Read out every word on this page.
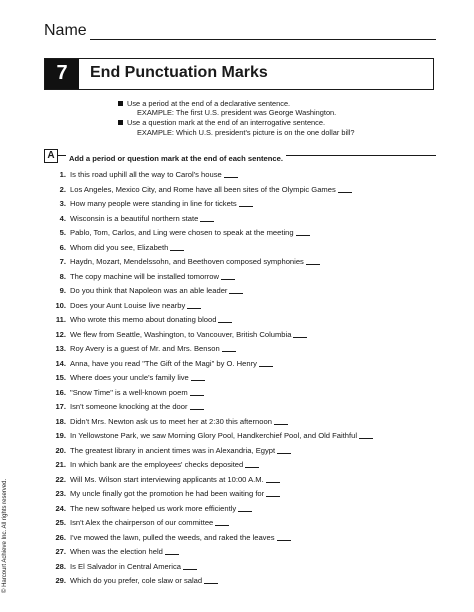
Name
7	End Punctuation Marks
Use a period at the end of a declarative sentence.
EXAMPLE: The first U.S. president was George Washington.
Use a question mark at the end of an interrogative sentence.
EXAMPLE: Which U.S. president's picture is on the one dollar bill?
A	Add a period or question mark at the end of each sentence.
1. Is this road uphill all the way to Carol's house
2. Los Angeles, Mexico City, and Rome have all been sites of the Olympic Games
3. How many people were standing in line for tickets
4. Wisconsin is a beautiful northern state
5. Pablo, Tom, Carlos, and Ling were chosen to speak at the meeting
6. Whom did you see, Elizabeth
7. Haydn, Mozart, Mendelssohn, and Beethoven composed symphonies
8. The copy machine will be installed tomorrow
9. Do you think that Napoleon was an able leader
10. Does your Aunt Louise live nearby
11. Who wrote this memo about donating blood
12. We flew from Seattle, Washington, to Vancouver, British Columbia
13. Roy Avery is a guest of Mr. and Mrs. Benson
14. Anna, have you read "The Gift of the Magi" by O. Henry
15. Where does your uncle's family live
16. "Snow Time" is a well-known poem
17. Isn't someone knocking at the door
18. Didn't Mrs. Newton ask us to meet her at 2:30 this afternoon
19. In Yellowstone Park, we saw Morning Glory Pool, Handkerchief Pool, and Old Faithful
20. The greatest library in ancient times was in Alexandria, Egypt
21. In which bank are the employees' checks deposited
22. Will Ms. Wilson start interviewing applicants at 10:00 A.M.
23. My uncle finally got the promotion he had been waiting for
24. The new software helped us work more efficiently
25. Isn't Alex the chairperson of our committee
26. I've mowed the lawn, pulled the weeds, and raked the leaves
27. When was the election held
28. Is El Salvador in Central America
29. Which do you prefer, cole slaw or salad
© Harcourt Achieve Inc. All rights reserved.
